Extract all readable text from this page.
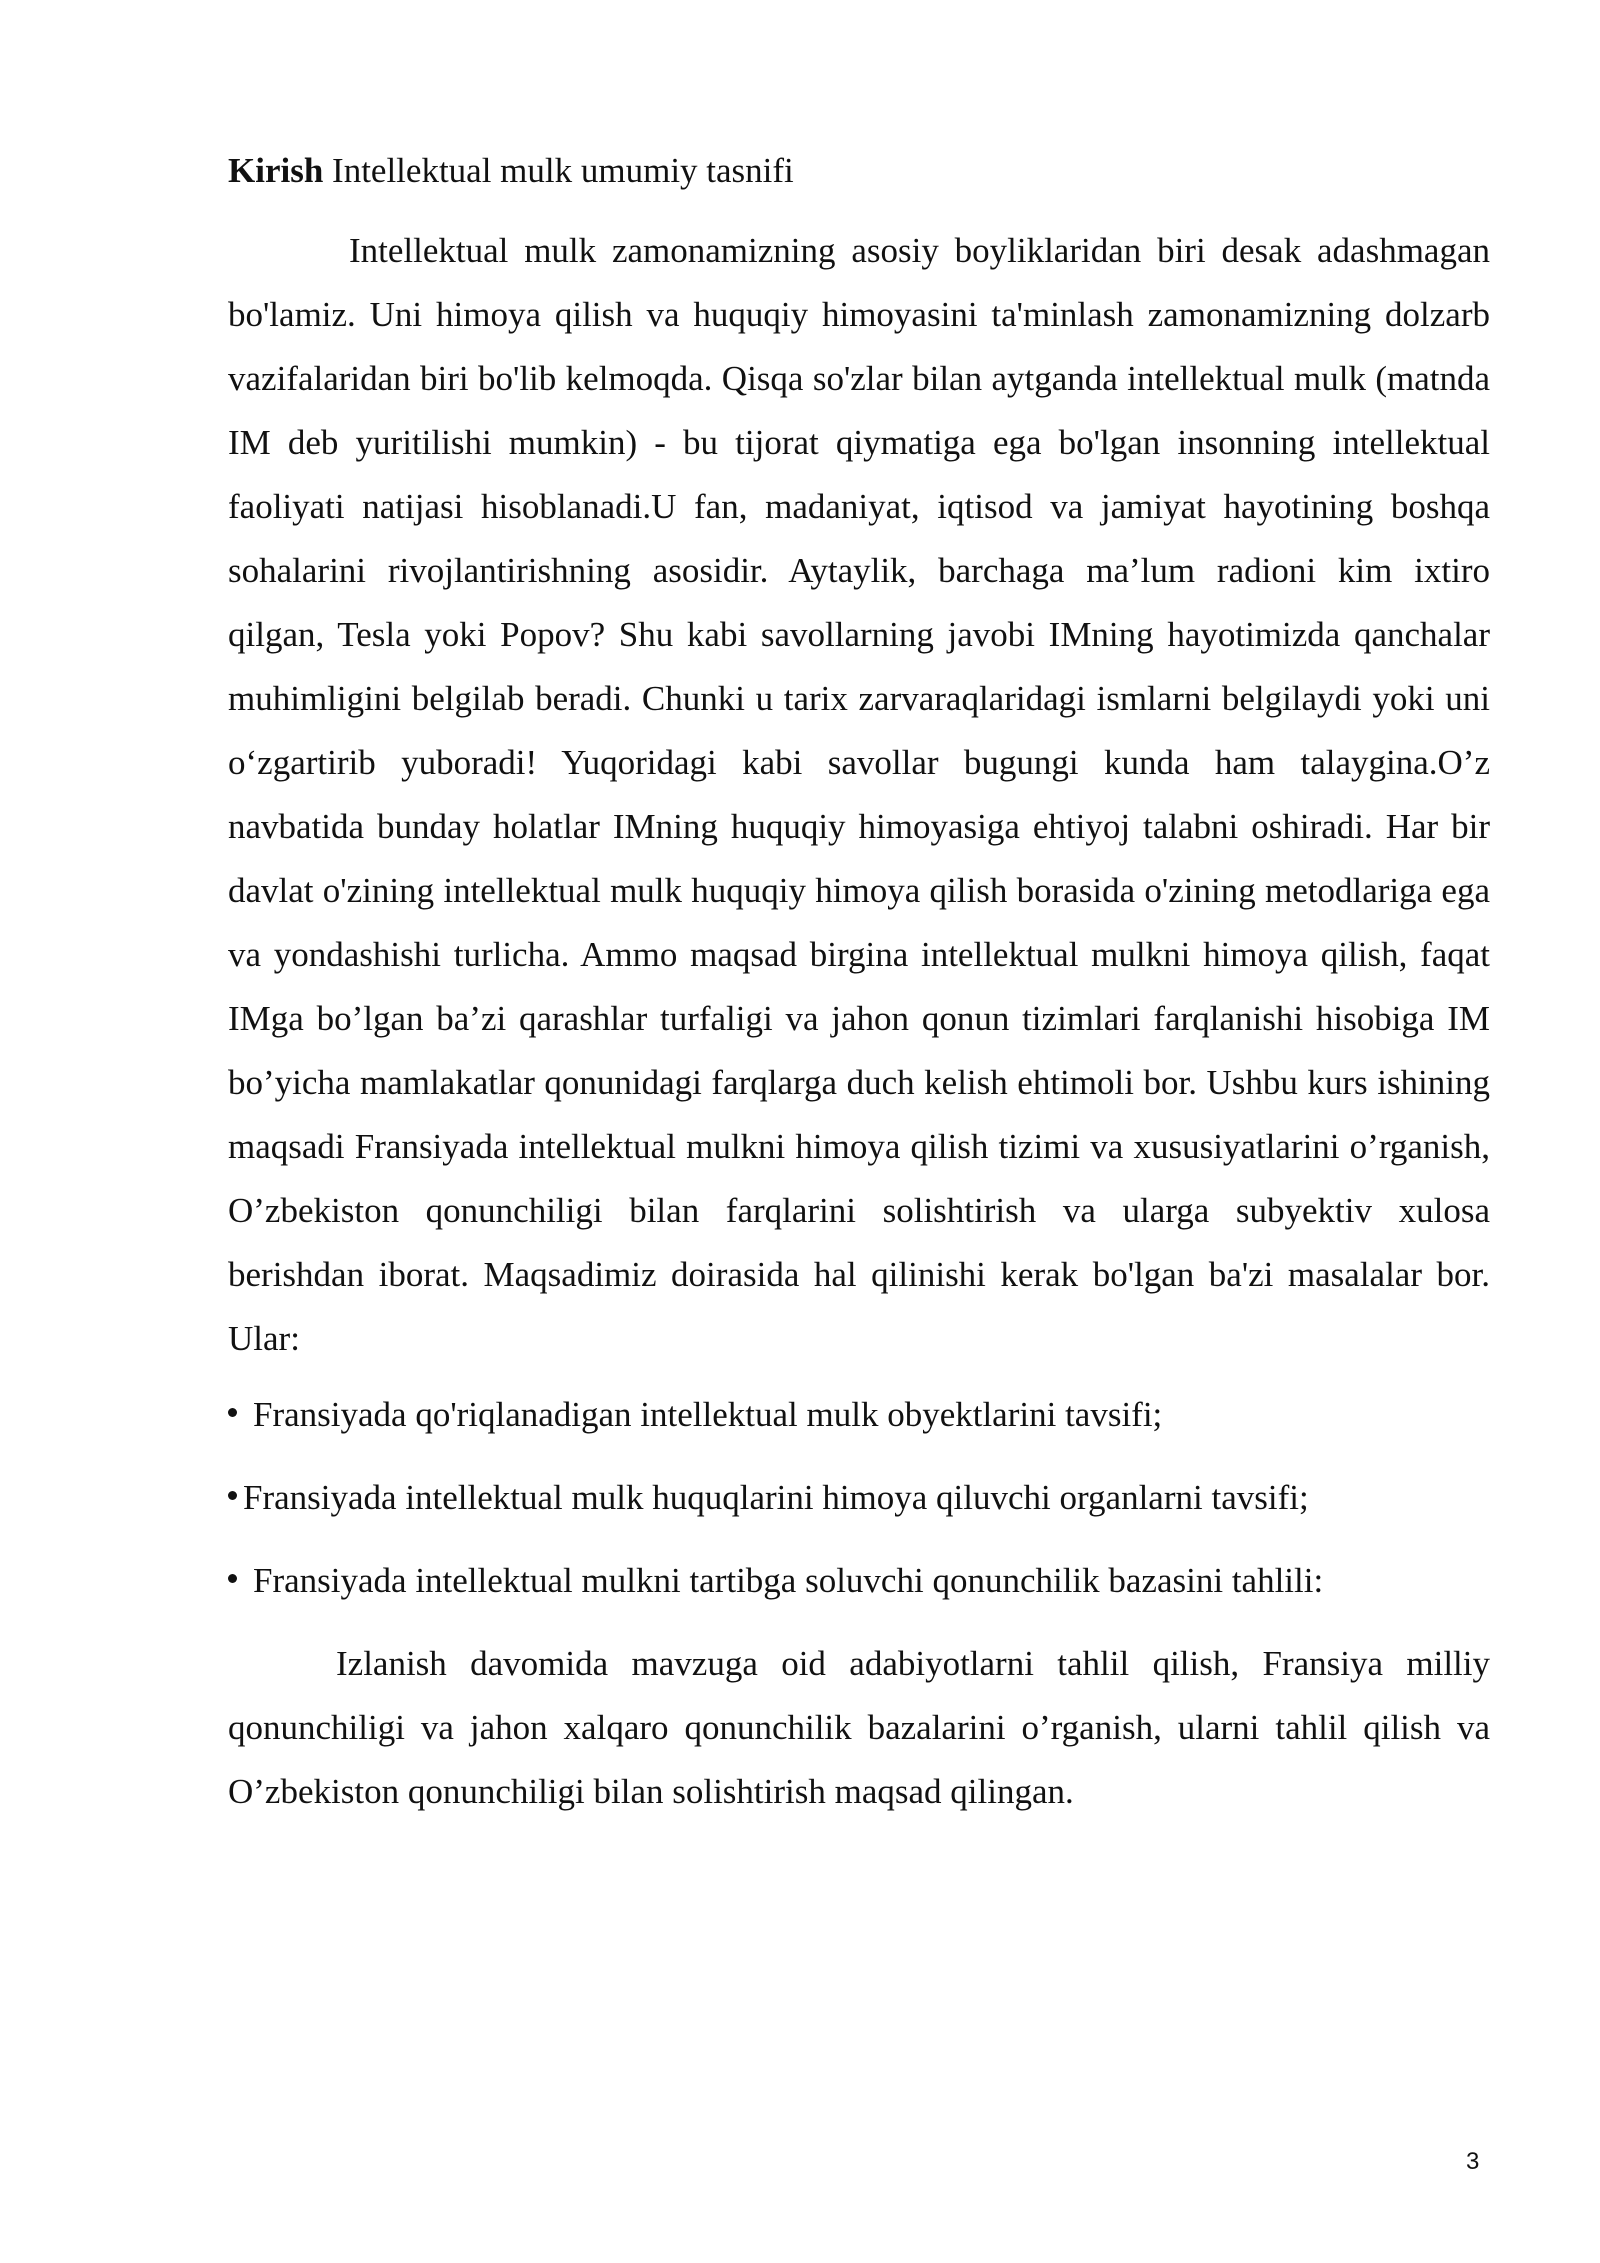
Kirish Intellektual mulk umumiy tasnifi

Intellektual mulk zamonamizning asosiy boyliklaridan biri desak adashmagan bo'lamiz. Uni himoya qilish va huquqiy himoyasini ta'minlash zamonamizning dolzarb vazifalaridan biri bo'lib kelmoqda. Qisqa so'zlar bilan aytganda intellektual mulk (matnda IM deb yuritilishi mumkin) - bu tijorat qiymatiga ega bo'lgan insonning intellektual faoliyati natijasi hisoblanadi.U fan, madaniyat, iqtisod va jamiyat hayotining boshqa sohalarini rivojlantirishning asosidir. Aytaylik, barchaga ma’lum radioni kim ixtiro qilgan, Tesla yoki Popov? Shu kabi savollarning javobi IMning hayotimizda qanchalar muhimligini belgilab beradi. Chunki u tarix zarvaraqlaridagi ismlarni belgilaydi yoki uni o‘zgartirib yuboradi! Yuqoridagi kabi savollar bugungi kunda ham talaygina.O’z navbatida bunday holatlar IMning huquqiy himoyasiga ehtiyoj talabni oshiradi. Har bir davlat o'zining intellektual mulk huquqiy himoya qilish borasida o'zining metodlariga ega va yondashishi turlicha. Ammo maqsad birgina intellektual mulkni himoya qilish, faqat IMga bo’lgan ba’zi qarashlar turfaligi va jahon qonun tizimlari farqlanishi hisobiga IM bo’yicha mamlakatlar qonunidagi farqlarga duch kelish ehtimoli bor. Ushbu kurs ishining maqsadi Fransiyada intellektual mulkni himoya qilish tizimi va xususiyatlarini o’rganish, O’zbekiston qonunchiligi bilan farqlarini solishtirish va ularga subyektiv xulosa berishdan iborat. Maqsadimiz doirasida hal qilinishi kerak bo'lgan ba'zi masalalar bor. Ular:

Fransiyada qo'riqlanadigan intellektual mulk obyektlarini tavsifi;
Fransiyada intellektual mulk huquqlarini himoya qiluvchi organlarni tavsifi;
Fransiyada intellektual mulkni tartibga soluvchi qonunchilik bazasini tahlili:

Izlanish davomida mavzuga oid adabiyotlarni tahlil qilish, Fransiya milliy qonunchiligi va jahon xalqaro qonunchilik bazalarini o’rganish, ularni tahlil qilish va O’zbekiston qonunchiligi bilan solishtirish maqsad qilingan.

3
